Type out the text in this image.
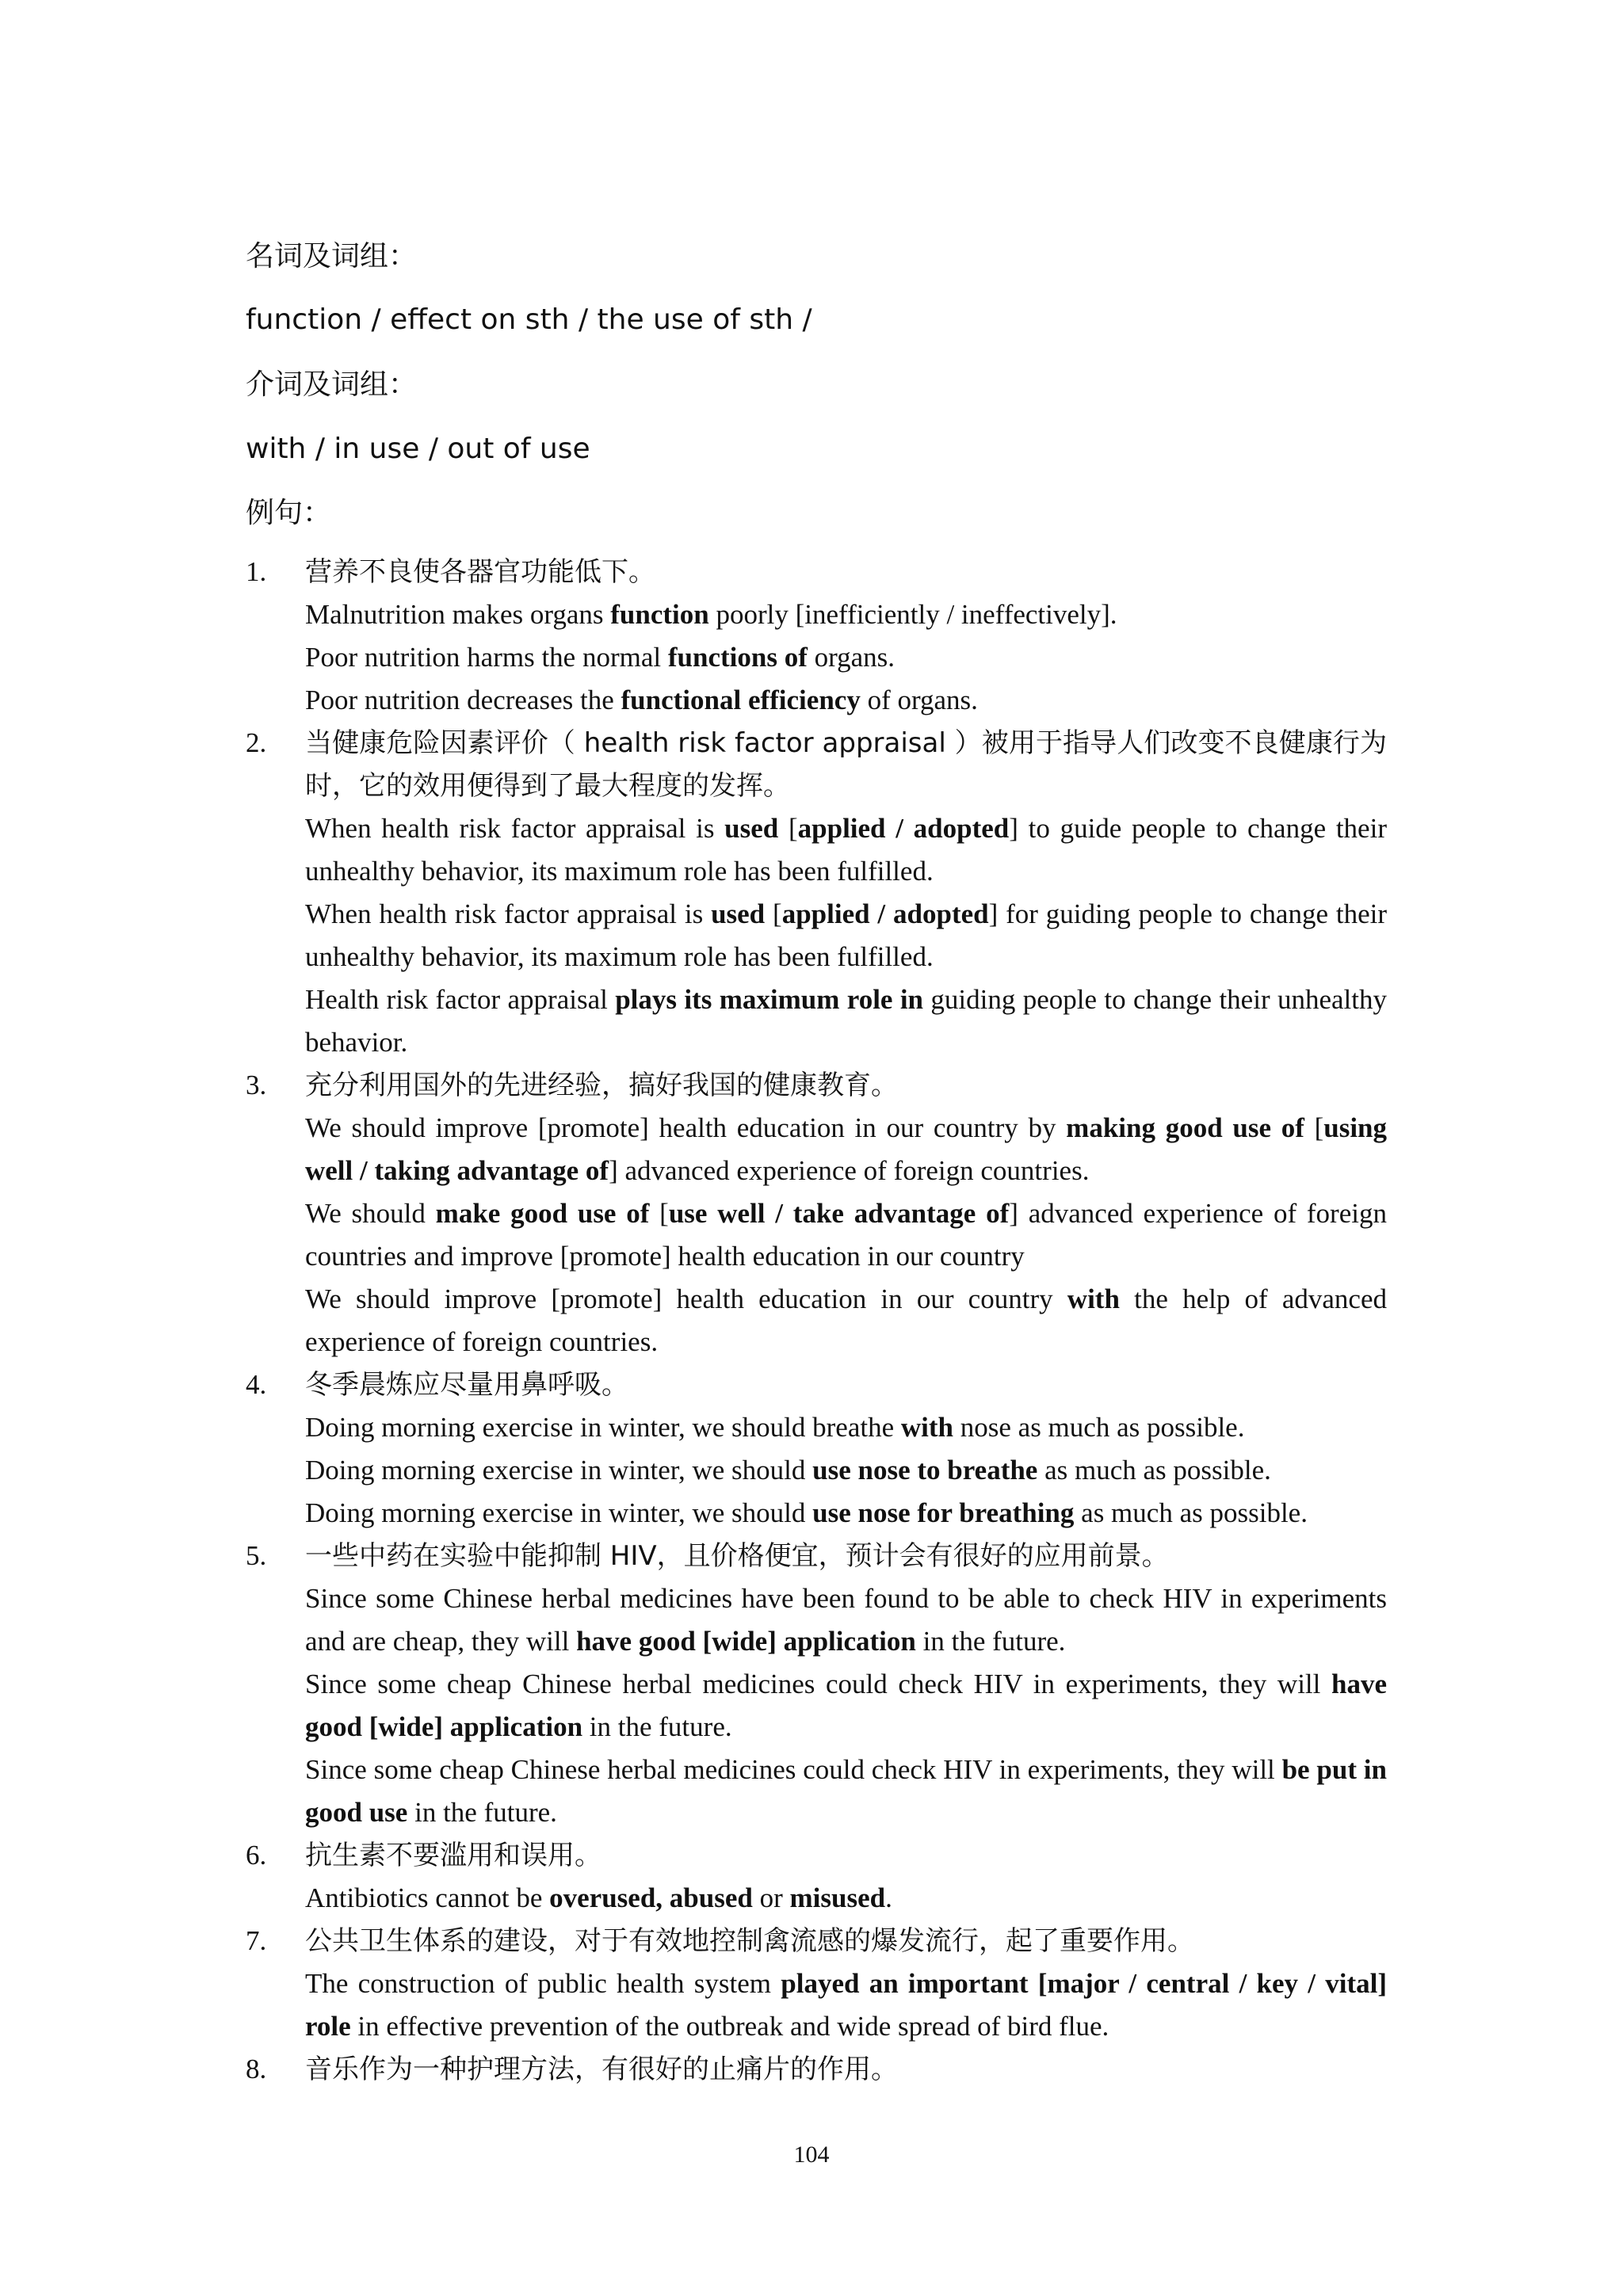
名词及词组：
function / effect on sth / the use of sth /
介词及词组：
with / in use / out of use
例句：
1.	营养不良使各器官功能低下。
Malnutrition makes organs function poorly [inefficiently / ineffectively].
Poor nutrition harms the normal functions of organs.
Poor nutrition decreases the functional efficiency of organs.
2.	当健康危险因素评价（ health risk factor appraisal ）被用于指导人们改变不良健康行为时，它的效用便得到了最大程度的发挥。
When health risk factor appraisal is used [applied / adopted] to guide people to change their unhealthy behavior, its maximum role has been fulfilled.
When health risk factor appraisal is used [applied / adopted] for guiding people to change their unhealthy behavior, its maximum role has been fulfilled.
Health risk factor appraisal plays its maximum role in guiding people to change their unhealthy behavior.
3.	充分利用国外的先进经验，搞好我国的健康教育。
We should improve [promote] health education in our country by making good use of [using well / taking advantage of] advanced experience of foreign countries.
We should make good use of [use well / take advantage of] advanced experience of foreign countries and improve [promote] health education in our country
We should improve [promote] health education in our country with the help of advanced experience of foreign countries.
4.	冬季晨炼应尽量用鼻呼吸。
Doing morning exercise in winter, we should breathe with nose as much as possible.
Doing morning exercise in winter, we should use nose to breathe as much as possible.
Doing morning exercise in winter, we should use nose for breathing as much as possible.
5.	一些中药在实验中能抑制 HIV，且价格便宜，预计会有很好的应用前景。
Since some Chinese herbal medicines have been found to be able to check HIV in experiments and are cheap, they will have good [wide] application in the future.
Since some cheap Chinese herbal medicines could check HIV in experiments, they will have good [wide] application in the future.
Since some cheap Chinese herbal medicines could check HIV in experiments, they will be put in good use in the future.
6.	抗生素不要滥用和误用。
Antibiotics cannot be overused, abused or misused.
7.	公共卫生体系的建设，对于有效地控制禽流感的爆发流行，起了重要作用。
The construction of public health system played an important [major / central / key / vital] role in effective prevention of the outbreak and wide spread of bird flue.
8.	音乐作为一种护理方法，有很好的止痛片的作用。
104
